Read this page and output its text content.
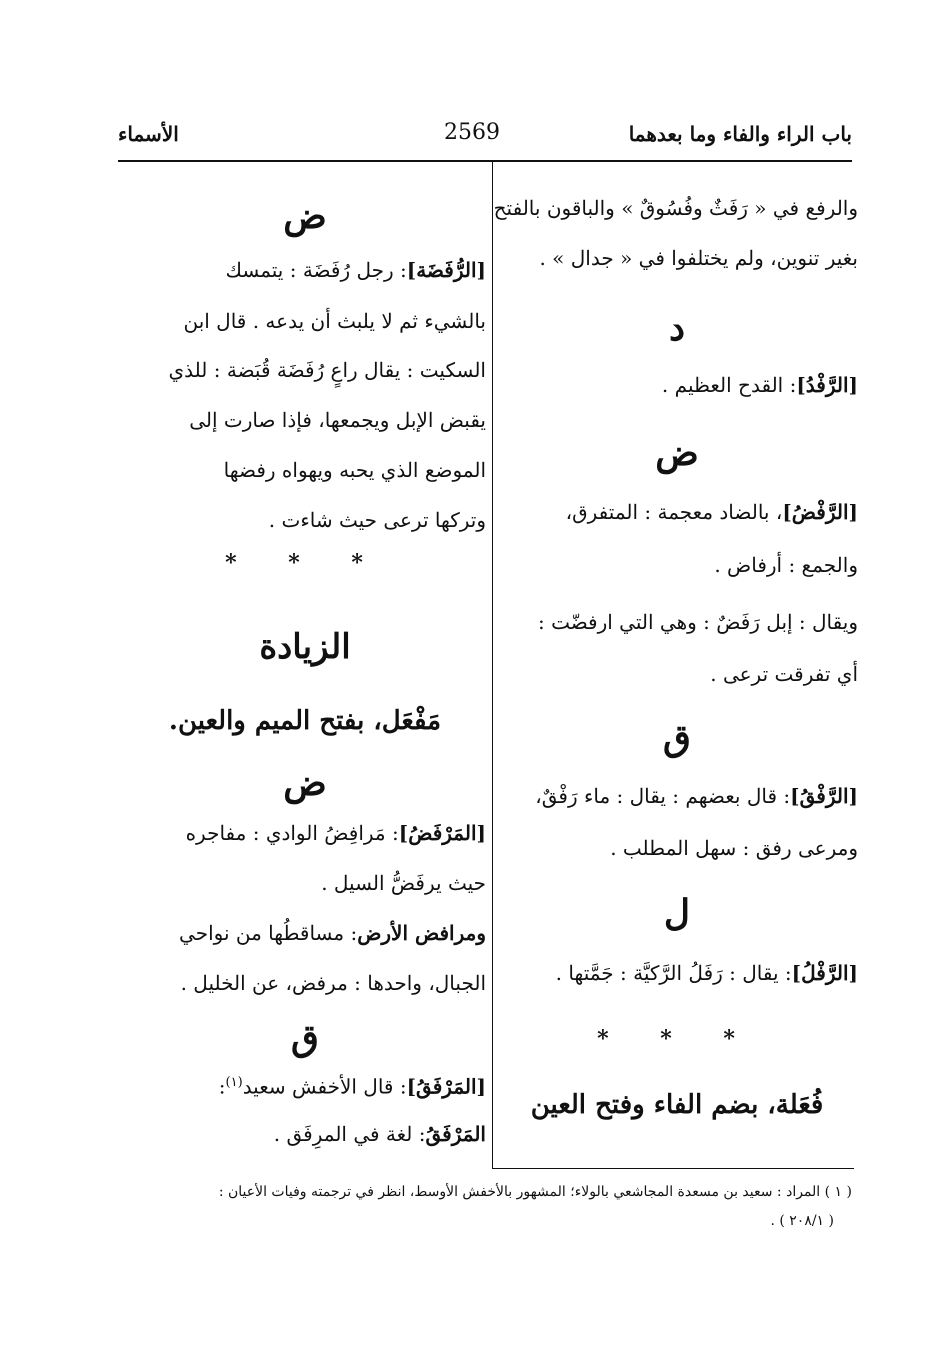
الأسماء	2569	باب الراء والفاء وما بعدهما
والرفع في « رَفَثٌ وفُسُوقٌ » والباقون بالفتح
بغير تنوين، ولم يختلفوا في « جدال » .
د
[الرَّفْدُ]: القدح العظيم .
ض
[الرَّفْضُ]، بالضاد معجمة : المتفرق،
والجمع : أرفاض .
ويقال : إبل رَفَضٌ : وهي التي ارفضّت :
أي تفرقت ترعى .
ق
[الرَّفْقُ]: قال بعضهم : يقال : ماء رَفْقٌ،
ومرعى رفق : سهل المطلب .
ل
[الرَّفْلُ]: يقال : رَفَلُ الرَّكيَّة : جَمَّتها .
* * *
فُعَلة، بضم الفاء وفتح العين
ض
[الرُّفَضَة]: رجل رُفَضَة : يتمسك
بالشيء ثم لا يلبث أن يدعه . قال ابن
السكيت : يقال راعٍ رُفَضَة قُبَضة : للذي
يقبض الإبل ويجمعها، فإذا صارت إلى
الموضع الذي يحبه ويهواه رفضها
وتركها ترعى حيث شاءت .
* * *
الزيادة
مَفْعَل، بفتح الميم والعين.
ض
[المَرْفَضُ]: مَرافِضُ الوادي : مفاجره
حيث يرفَضُّ السيل .
ومرافض الأرض: مساقطُها من نواحي
الجبال، واحدها : مرفض، عن الخليل .
ق
[المَرْفَقُ]: قال الأخفش سعيد$^{(١)}$:
المَرْفَقُ: لغة في المرِفَق .
( ١ ) المراد : سعيد بن مسعدة المجاشعي بالولاء؛ المشهور بالأخفش الأوسط، انظر في ترجمته وفيات الأعيان :
( ٢٠٨/١ ) .
